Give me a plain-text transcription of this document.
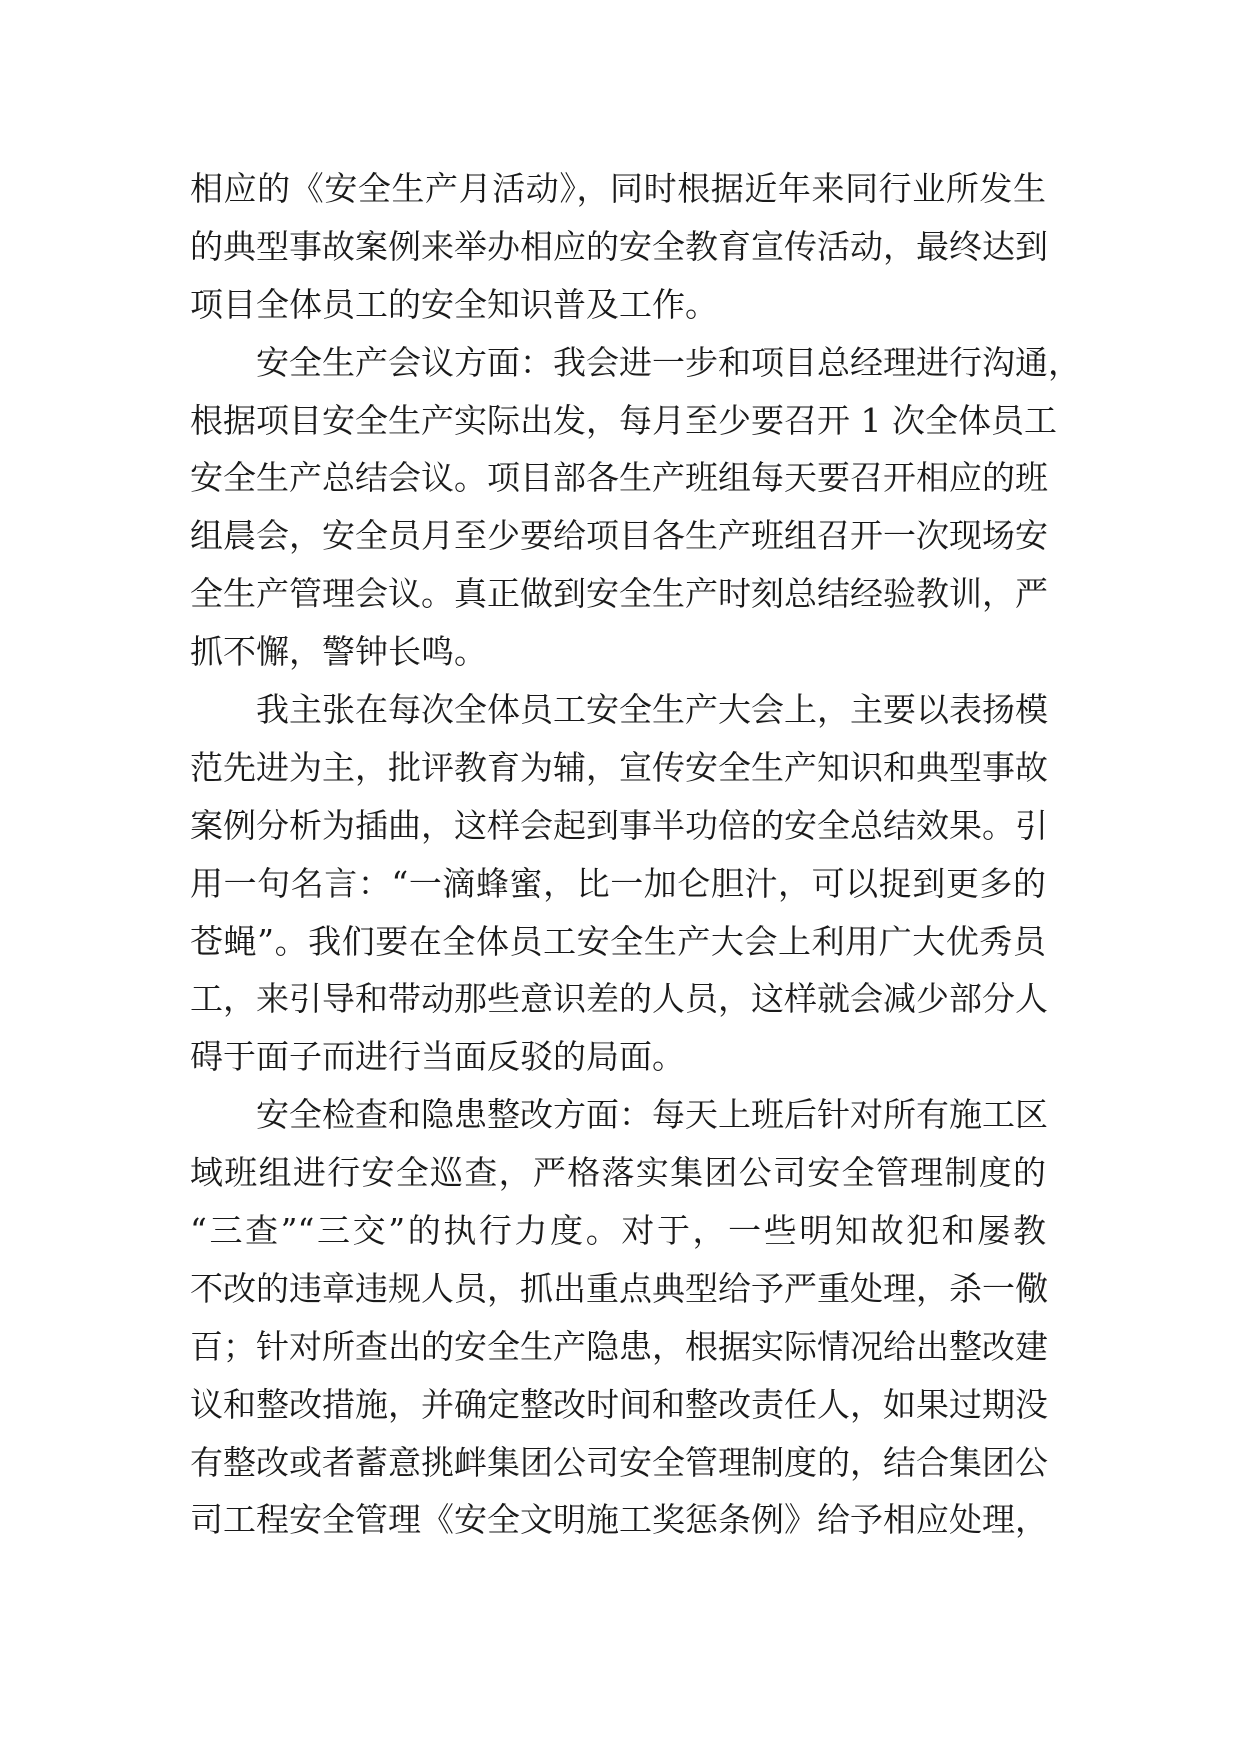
相应的《安全生产月活动》，同时根据近年来同行业所发生
的典型事故案例来举办相应的安全教育宣传活动，最终达到
项目全体员工的安全知识普及工作。
安全生产会议方面：我会进一步和项目总经理进行沟通，
根据项目安全生产实际出发，每月至少要召开 1 次全体员工
安全生产总结会议。项目部各生产班组每天要召开相应的班
组晨会，安全员月至少要给项目各生产班组召开一次现场安
全生产管理会议。真正做到安全生产时刻总结经验教训，严
抓不懈，警钟长鸣。
我主张在每次全体员工安全生产大会上，主要以表扬模
范先进为主，批评教育为辅，宣传安全生产知识和典型事故
案例分析为插曲，这样会起到事半功倍的安全总结效果。引
用一句名言：“一滴蜂蜜，比一加仑胆汁，可以捉到更多的
苍蝇”。我们要在全体员工安全生产大会上利用广大优秀员
工，来引导和带动那些意识差的人员，这样就会减少部分人
碍于面子而进行当面反驳的局面。
安全检查和隐患整改方面：每天上班后针对所有施工区
域班组进行安全巡查，严格落实集团公司安全管理制度的
“三查”“三交”的执行力度。对于，一些明知故犯和屡教
不改的违章违规人员，抓出重点典型给予严重处理，杀一儆
百；针对所查出的安全生产隐患，根据实际情况给出整改建
议和整改措施，并确定整改时间和整改责任人，如果过期没
有整改或者蓄意挑衅集团公司安全管理制度的，结合集团公
司工程安全管理《安全文明施工奖惩条例》给予相应处理，
